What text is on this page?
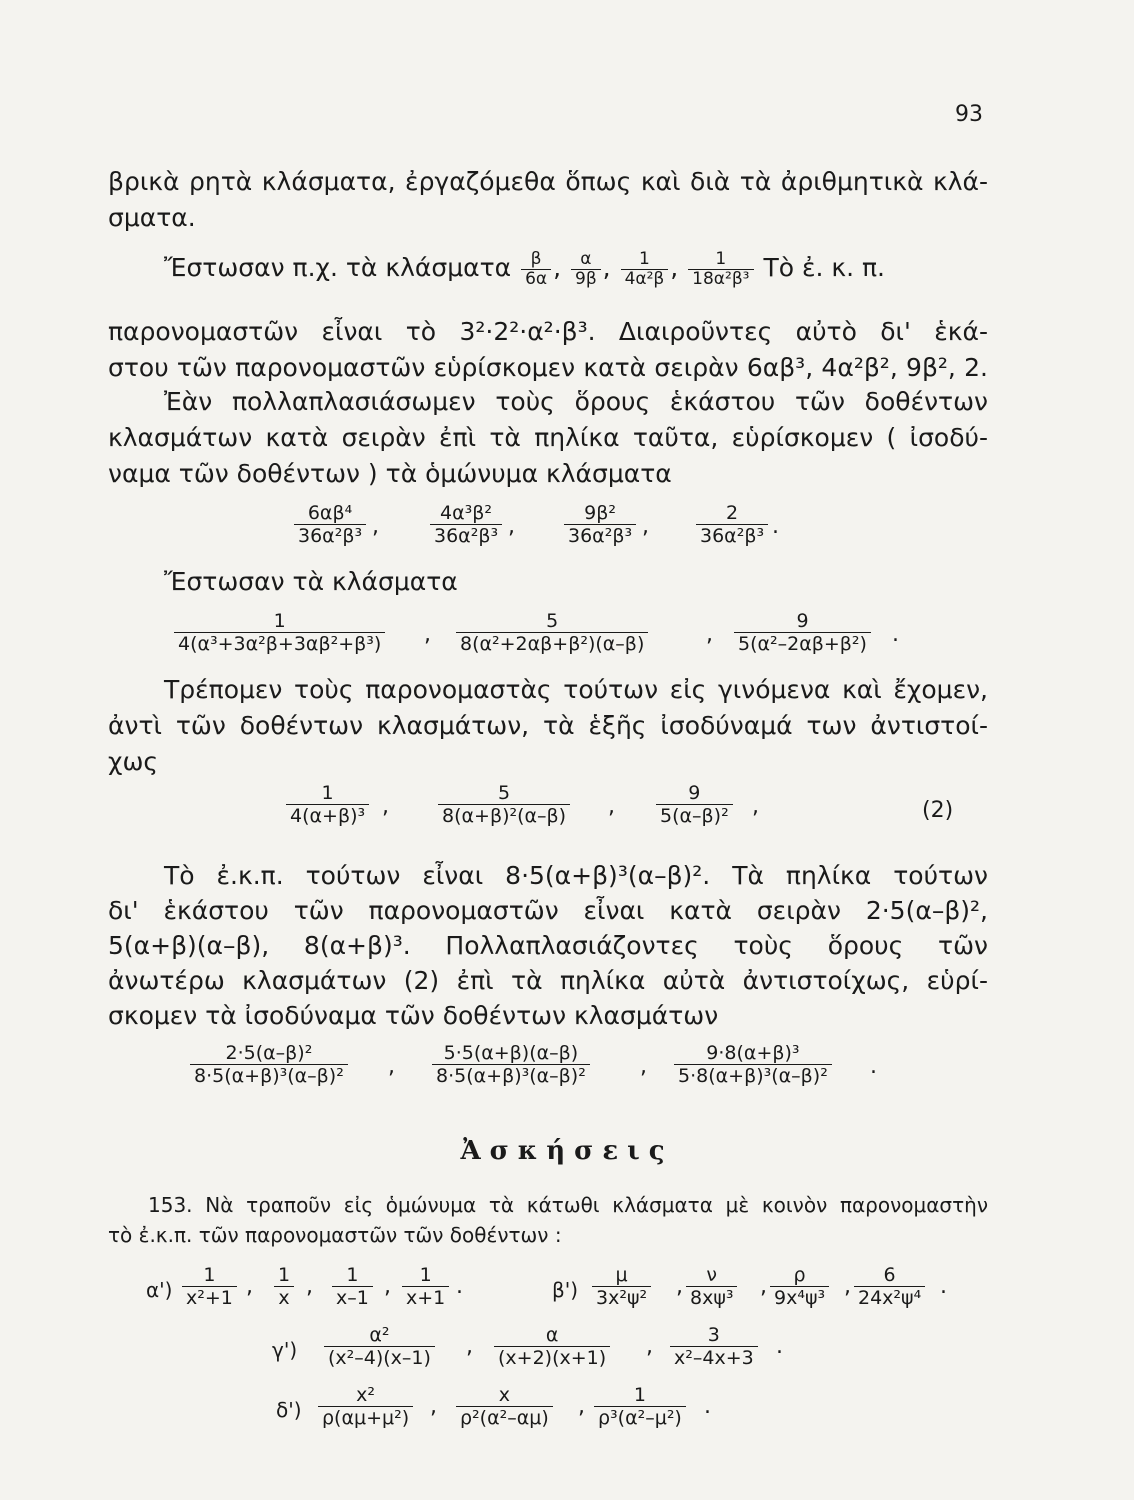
93
βρικὰ ρητὰ κλάσματα, ἐργαζόμεθα ὅπως καὶ διὰ τὰ ἀριθμητικὰ κλά-
σματα.
Ἔστωσαν π.χ. τὰ κλάσματα $\frac{\beta}{6\alpha}$ , $\frac{\alpha}{9\beta}$ , $\frac{1}{\text{4α²β}}$ , $\frac{1}{\text{18α²β³}}$ Τὸ ἐ. κ. π.
παρονομαστῶν εἶναι τὸ 3²·2²·α²·β³. Διαιροῦντες αὐτὸ δι' ἑκά-
στου τῶν παρονομαστῶν εὑρίσκομεν κατὰ σειρὰν 6αβ³, 4α²β², 9β², 2.
Ἐὰν πολλαπλασιάσωμεν τοὺς ὅρους ἑκάστου τῶν δοθέντων
κλασμάτων κατὰ σειρὰν ἐπὶ τὰ πηλίκα ταῦτα, εὑρίσκομεν ( ἰσοδύ-
ναμα τῶν δοθέντων ) τὰ ὁμώνυμα κλάσματα
$\frac{\text{6αβ⁴}}{\text{36α²β³}}$ ,	$\frac{\text{4α³β²}}{\text{36α²β³}}$ ,	$\frac{\text{9β²}}{\text{36α²β³}}$ , $\frac{2}{\text{36α²β³}}$ .
Ἔστωσαν τὰ κλάσματα
$\frac{1}{\text{4(α³+3α²β+3αβ²+β³)}}$ , $\frac{5}{\text{8(α²+2αβ+β²)(α–β)}}$	, $\frac{9}{\text{5(α²–2αβ+β²)}}$ .
Τρέπομεν τοὺς παρονομαστὰς τούτων εἰς γινόμενα καὶ ἔχομεν,
ἀντὶ τῶν δοθέντων κλασμάτων, τὰ ἑξῆς ἰσοδύναμά των ἀντιστοί-
χως
$\frac{1}{\text{4(α+β)³}}$ ,	$\frac{5}{\text{8(α+β)²(α–β)}}$ , $\frac{9}{\text{5(α–β)²}}$ ,	(2)
Τὸ ἐ.κ.π. τούτων εἶναι 8·5(α+β)³(α–β)². Τὰ πηλίκα τούτων
δι' ἑκάστου τῶν παρονομαστῶν εἶναι κατὰ σειρὰν 2·5(α–β)²,
5(α+β)(α–β), 8(α+β)³. Πολλαπλασιάζοντες τοὺς ὅρους τῶν
ἀνωτέρω κλασμάτων (2) ἐπὶ τὰ πηλίκα αὐτὰ ἀντιστοίχως, εὑρί-
σκομεν τὰ ἰσοδύναμα τῶν δοθέντων κλασμάτων
$\frac{\text{2·5(α–β)²}}{\text{8·5(α+β)³(α–β)²}}$ , $\frac{5\cdot 5(\alpha+\beta)(\alpha-\beta)}{\text{8·5(α+β)³(α–β)²}}$ , $\frac{\text{9·8(α+β)³}}{\text{5·8(α+β)³(α–β)²}}$ .
Ἀσκήσεις
153. Νὰ τραποῦν εἰς ὁμώνυμα τὰ κάτωθι κλάσματα μὲ κοινὸν παρονομαστὴν
τὸ ἐ.κ.π. τῶν παρονομαστῶν τῶν δοθέντων :
$\alpha') \frac{1}{\text{x²+1}}$ , $\frac{1}{x}$ , $\frac{1}{x-1}$ , $\frac{1}{x+1}$ .	$\beta') \frac{\mu}{\text{3x²ψ²}}$ , $\frac{\nu}{\text{8xψ³}}$ , $\frac{\rho}{\text{9x⁴ψ³}}$ , $\frac{6}{\text{24x²ψ⁴}}$ .
$\gamma') \frac{\text{α²}}{\text{(x²–4)(x–1)}}$ , $\frac{\alpha}{(x+2)(x+1)}$ , $\frac{3}{\text{x²–4x+3}}$ .
$\delta') \frac{\text{x²}}{\text{ρ(αμ+μ²)}}$ , $\frac{x}{\text{ρ²(α²–αμ)}}$ , $\frac{1}{\text{ρ³(α²–μ²)}}$ .
